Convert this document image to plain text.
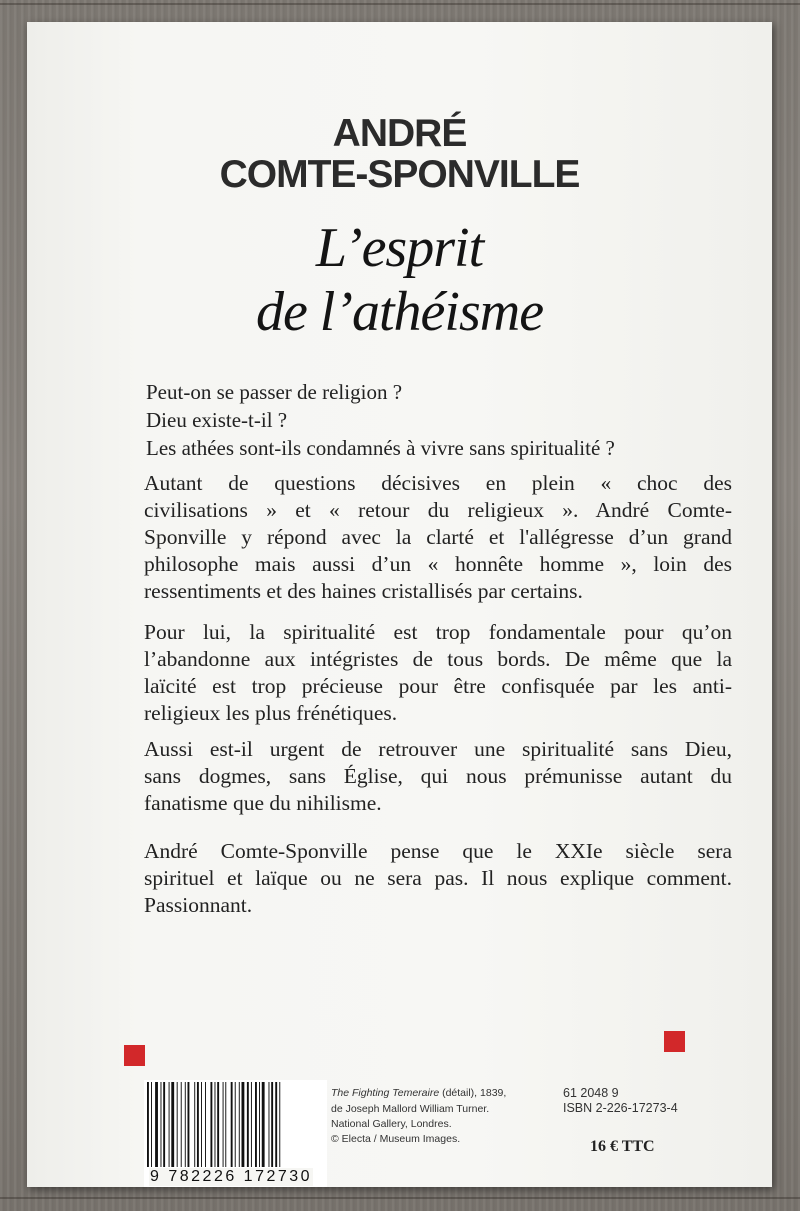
ANDRÉ
COMTE-SPONVILLE
L’esprit
de l’athéisme
Peut-on se passer de religion ?
Dieu existe-t-il ?
Les athées sont-ils condamnés à vivre sans spiritualité ?
Autant de questions décisives en plein « choc des
civilisations » et « retour du religieux ». André Comte-
Sponville y répond avec la clarté et l'allégresse d’un grand
philosophe mais aussi d’un « honnête homme », loin des
ressentiments et des haines cristallisés par certains.
Pour lui, la spiritualité est trop fondamentale pour qu’on
l’abandonne aux intégristes de tous bords. De même que la
laïcité est trop précieuse pour être confisquée par les anti-
religieux les plus frénétiques.
Aussi est-il urgent de retrouver une spiritualité sans Dieu,
sans dogmes, sans Église, qui nous prémunisse autant du
fanatisme que du nihilisme.
André Comte-Sponville pense que le XXIe siècle sera
spirituel et laïque ou ne sera pas. Il nous explique comment.
Passionnant.
9 782226 172730
The Fighting Temeraire (détail), 1839,
de Joseph Mallord William Turner.
National Gallery, Londres.
© Electa / Museum Images.
61 2048 9
ISBN 2-226-17273-4
16 € TTC
